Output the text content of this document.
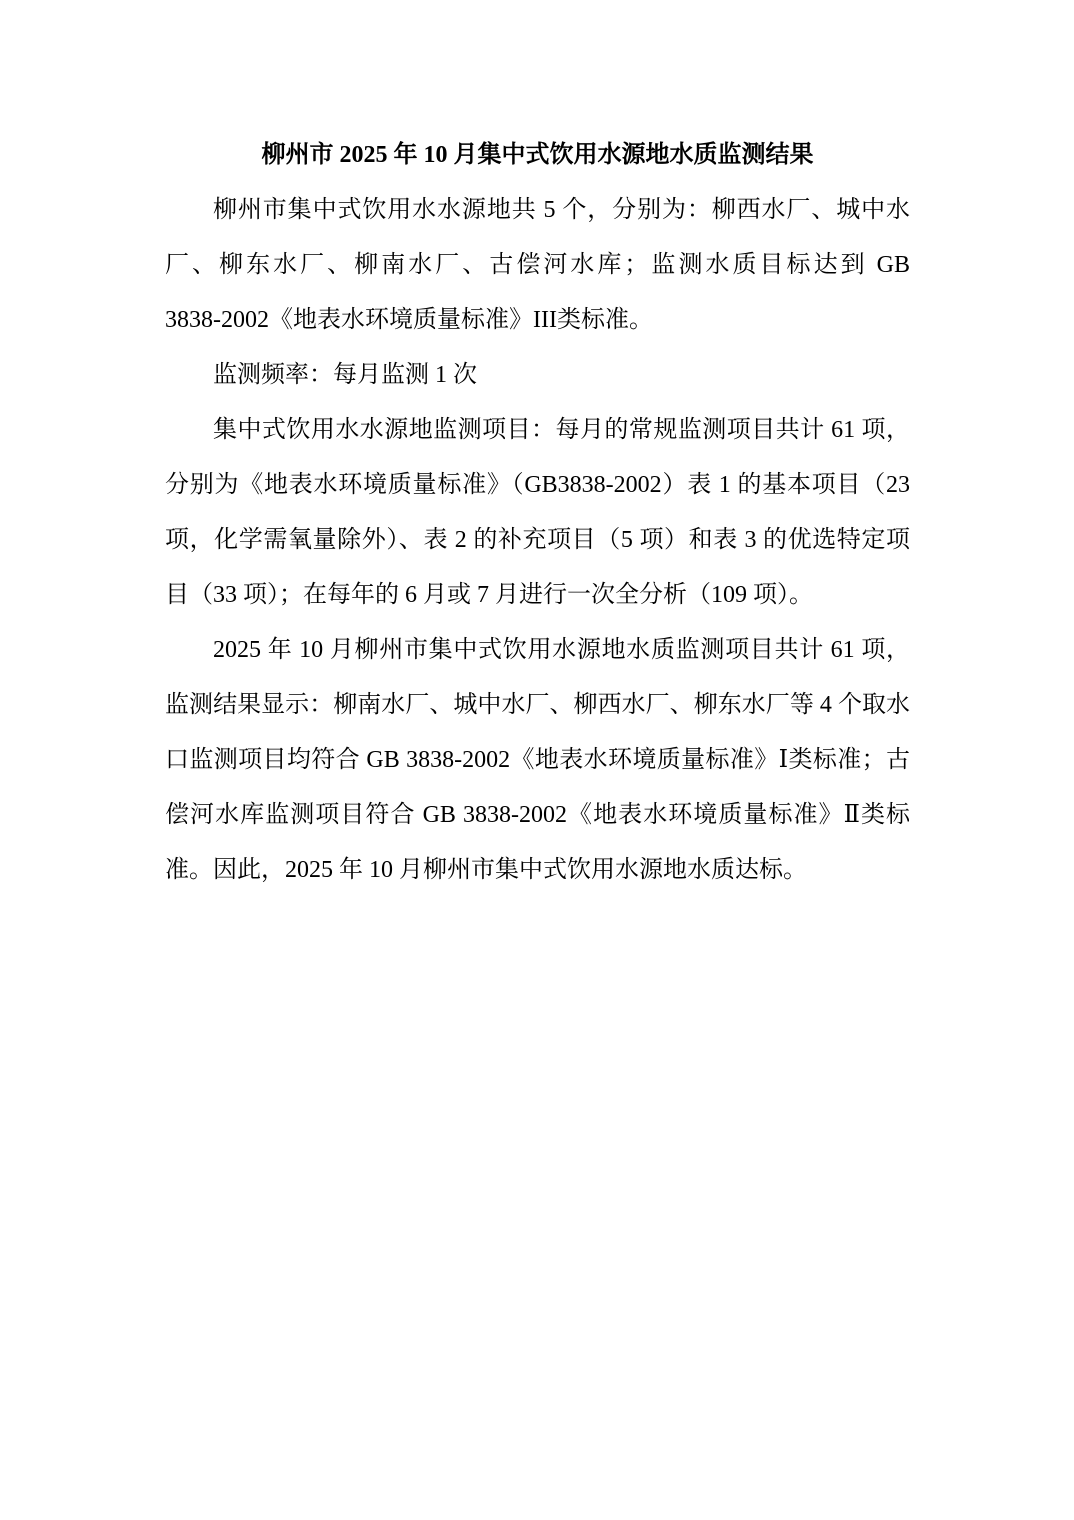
柳州市 2025 年 10 月集中式饮用水源地水质监测结果

柳州市集中式饮用水水源地共 5 个，分别为：柳西水厂、城中水厂、柳东水厂、柳南水厂、古偿河水库；监测水质目标达到 GB 3838-2002《地表水环境质量标准》III类标准。

监测频率：每月监测 1 次

集中式饮用水水源地监测项目：每月的常规监测项目共计 61 项，分别为《地表水环境质量标准》（GB3838-2002）表 1 的基本项目（23 项，化学需氧量除外）、表 2 的补充项目（5 项）和表 3 的优选特定项目（33 项）；在每年的 6 月或 7 月进行一次全分析（109 项）。

2025 年 10 月柳州市集中式饮用水源地水质监测项目共计 61 项，监测结果显示：柳南水厂、城中水厂、柳西水厂、柳东水厂等 4 个取水口监测项目均符合 GB 3838-2002《地表水环境质量标准》Ⅰ类标准；古偿河水库监测项目符合 GB 3838-2002《地表水环境质量标准》Ⅱ类标准。因此，2025 年 10 月柳州市集中式饮用水源地水质达标。
